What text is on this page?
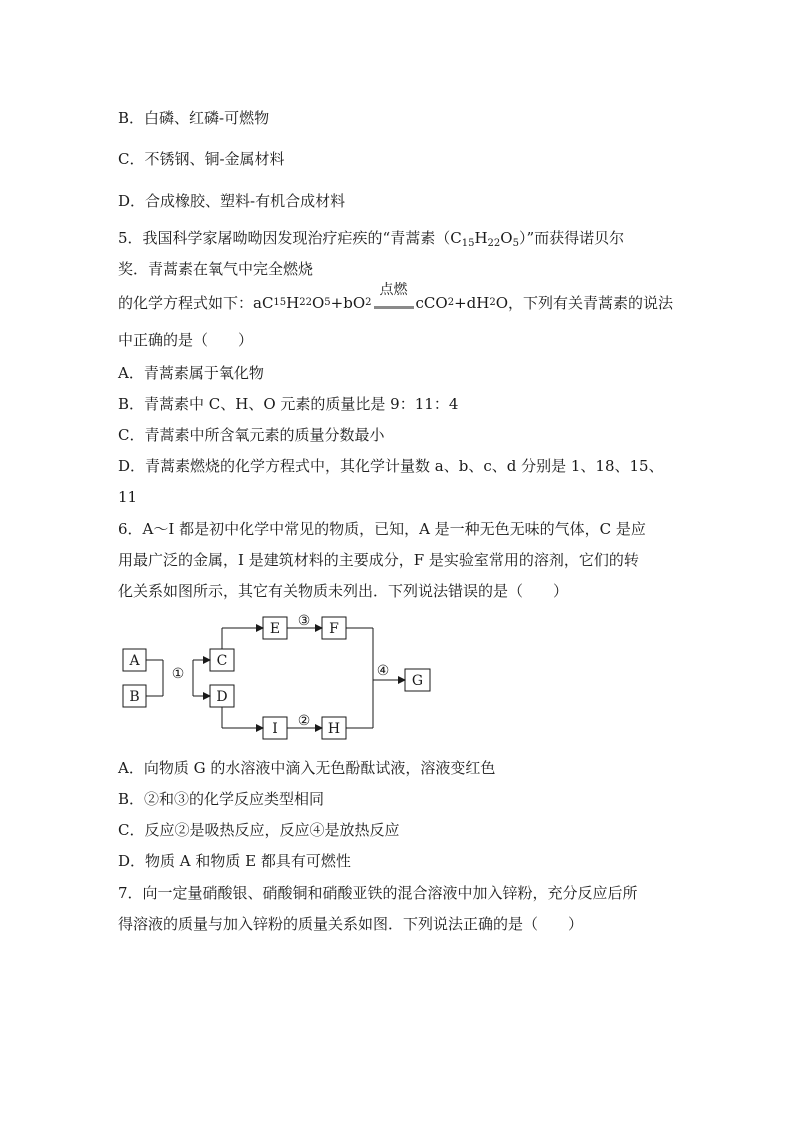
B．白磷、红磷-可燃物
C．不锈钢、铜-金属材料
D．合成橡胶、塑料-有机合成材料
5．我国科学家屠呦呦因发现治疗疟疾的“青蒿素$(C_{15}H_{22}O_5)$”而获得诺贝尔
奖．青蒿素在氧气中完全燃烧
的化学方程式如下：aC 15 H 22 O 5 +bO 2
点燃
cCO 2 +dH 2 O，下列有关青蒿素的说法
中正确的是（　　）
A．青蒿素属于氧化物
B．青蒿素中 C、H、O 元素的质量比是 9：11：4
C．青蒿素中所含氧元素的质量分数最小
D．青蒿素燃烧的化学方程式中，其化学计量数 a、b、c、d 分别是 1、18、15、
11
6．A～I 都是初中化学中常见的物质，已知，A 是一种无色无味的气体，C 是应
用最广泛的金属，I 是建筑材料的主要成分，F 是实验室常用的溶剂，它们的转
化关系如图所示，其它有关物质未列出．下列说法错误的是（　　）
A
B
C
D
E	F
I	H
G
①
③
②
④
A．向物质 G 的水溶液中滴入无色酚酞试液，溶液变红色
B．②和③的化学反应类型相同
C．反应②是吸热反应，反应④是放热反应
D．物质 A 和物质 E 都具有可燃性
7．向一定量硝酸银、硝酸铜和硝酸亚铁的混合溶液中加入锌粉，充分反应后所
得溶液的质量与加入锌粉的质量关系如图．下列说法正确的是（　　）
